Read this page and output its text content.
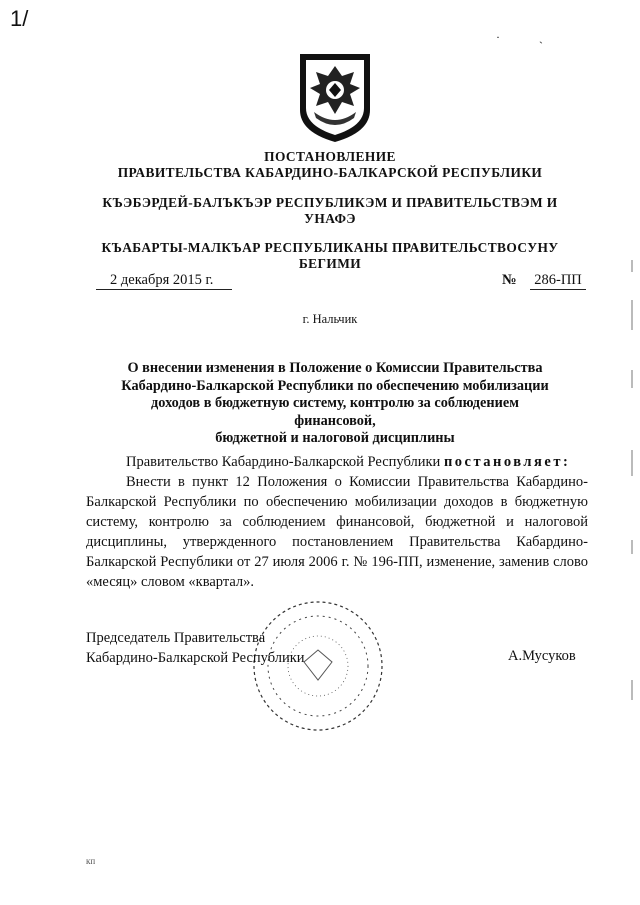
1/
· ˎ
ПОСТАНОВЛЕНИЕ
ПРАВИТЕЛЬСТВА КАБАРДИНО-БАЛКАРСКОЙ РЕСПУБЛИКИ
КЪЭБЭРДЕЙ-БАЛЪКЪЭР РЕСПУБЛИКЭМ И ПРАВИТЕЛЬСТВЭМ И
УНАФЭ
КЪАБАРТЫ-МАЛКЪАР РЕСПУБЛИКАНЫ ПРАВИТЕЛЬСТВОСУНУ
БЕГИМИ
2 декабря 2015 г.	№ 286-ПП
г. Нальчик
О внесении изменения в Положение о Комиссии Правительства
Кабардино-Балкарской Республики по обеспечению мобилизации
доходов в бюджетную систему, контролю за соблюдением финансовой,
бюджетной и налоговой дисциплины
Правительство Кабардино-Балкарской Республики постановляет:
Внести в пункт 12 Положения о Комиссии Правительства Кабардино-Балкарской Республики по обеспечению мобилизации доходов в бюджетную систему, контролю за соблюдением финансовой, бюджетной и налоговой дисциплины, утвержденного постановлением Правительства Кабардино-Балкарской Республики от 27 июля 2006 г. № 196-ПП, изменение, заменив слово «месяц» словом «квартал».
Председатель Правительства
Кабардино-Балкарской Республики	А.Мусуков
кп
